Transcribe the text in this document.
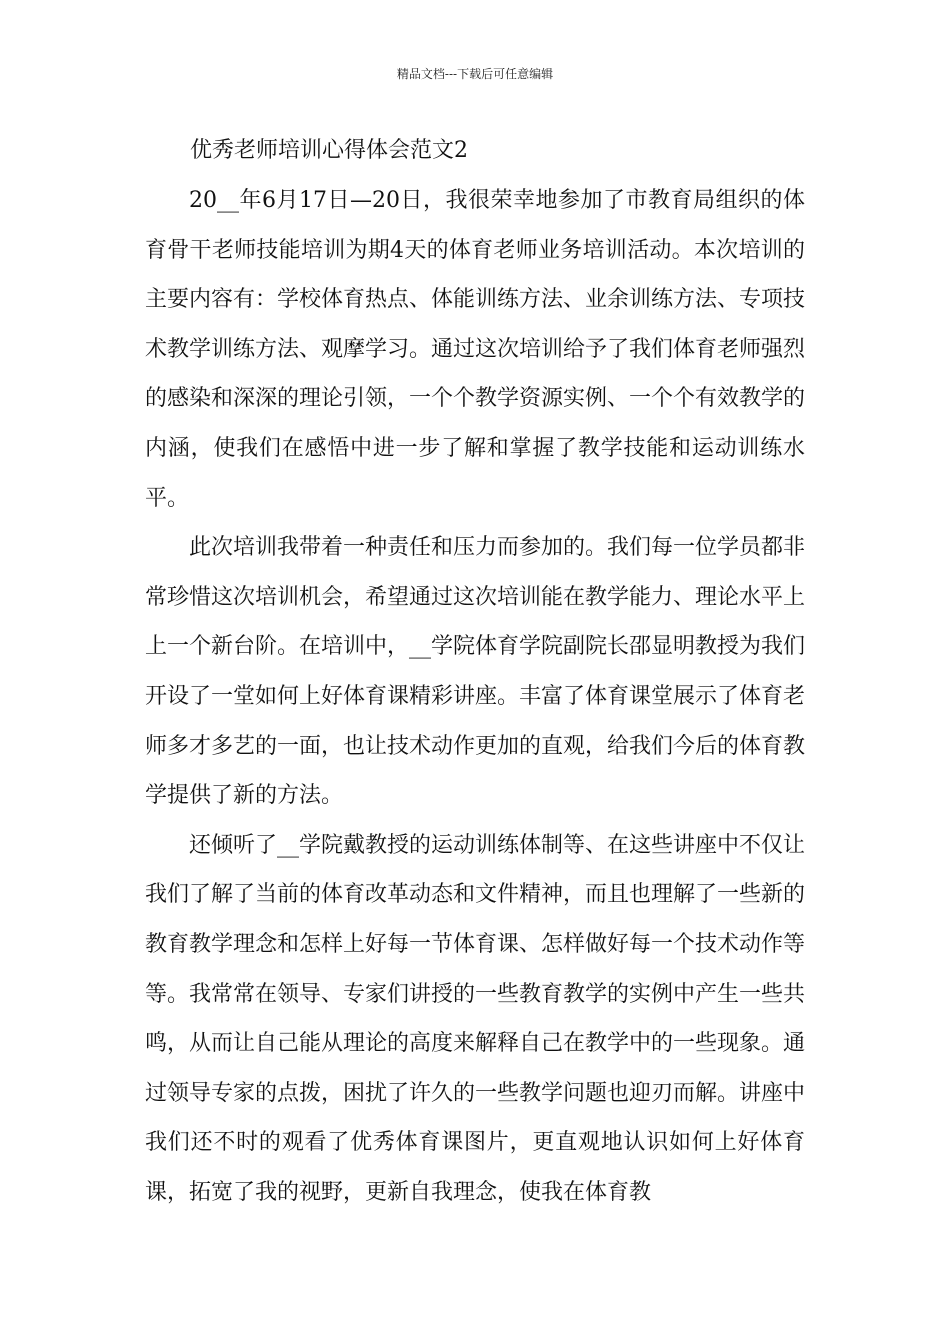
精品文档---下载后可任意编辑
优秀老师培训心得体会范文2

20__年6月17日—20日，我很荣幸地参加了市教育局组织的体育骨干老师技能培训为期4天的体育老师业务培训活动。本次培训的主要内容有：学校体育热点、体能训练方法、业余训练方法、专项技术教学训练方法、观摩学习。通过这次培训给予了我们体育老师强烈的感染和深深的理论引领，一个个教学资源实例、一个个有效教学的内涵，使我们在感悟中进一步了解和掌握了教学技能和运动训练水平。

此次培训我带着一种责任和压力而参加的。我们每一位学员都非常珍惜这次培训机会，希望通过这次培训能在教学能力、理论水平上上一个新台阶。在培训中，__学院体育学院副院长邵显明教授为我们开设了一堂如何上好体育课精彩讲座。丰富了体育课堂展示了体育老师多才多艺的一面，也让技术动作更加的直观，给我们今后的体育教学提供了新的方法。

还倾听了__学院戴教授的运动训练体制等、在这些讲座中不仅让我们了解了当前的体育改革动态和文件精神，而且也理解了一些新的教育教学理念和怎样上好每一节体育课、怎样做好每一个技术动作等等。我常常在领导、专家们讲授的一些教育教学的实例中产生一些共鸣，从而让自己能从理论的高度来解释自己在教学中的一些现象。通过领导专家的点拨，困扰了许久的一些教学问题也迎刃而解。讲座中我们还不时的观看了优秀体育课图片，更直观地认识如何上好体育课，拓宽了我的视野，更新自我理念，使我在体育教
